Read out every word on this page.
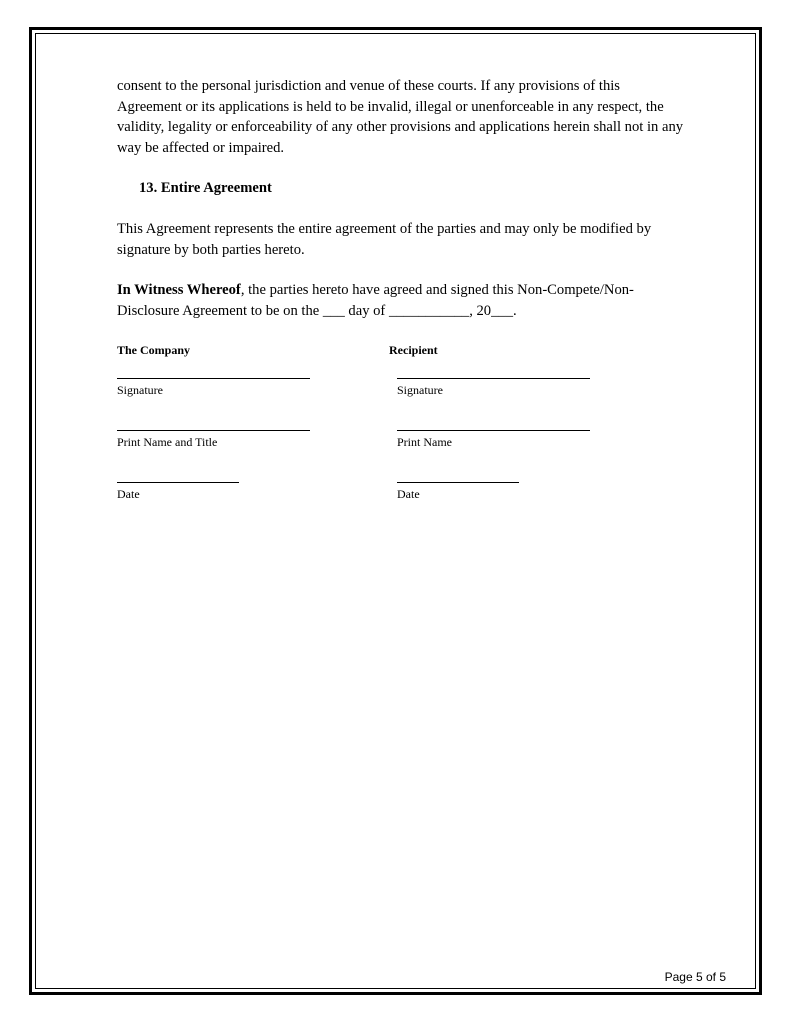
consent to the personal jurisdiction and venue of these courts. If any provisions of this Agreement or its applications is held to be invalid, illegal or unenforceable in any respect, the validity, legality or enforceability of any other provisions and applications herein shall not in any way be affected or impaired.

13. Entire Agreement

This Agreement represents the entire agreement of the parties and may only be modified by signature by both parties hereto.

In Witness Whereof, the parties hereto have agreed and signed this Non-Compete/Non-Disclosure Agreement to be on the ___ day of ___________, 20___.

The Company
Signature
Print Name and Title
Date
Recipient
Signature
Print Name
Date
Page 5 of 5
